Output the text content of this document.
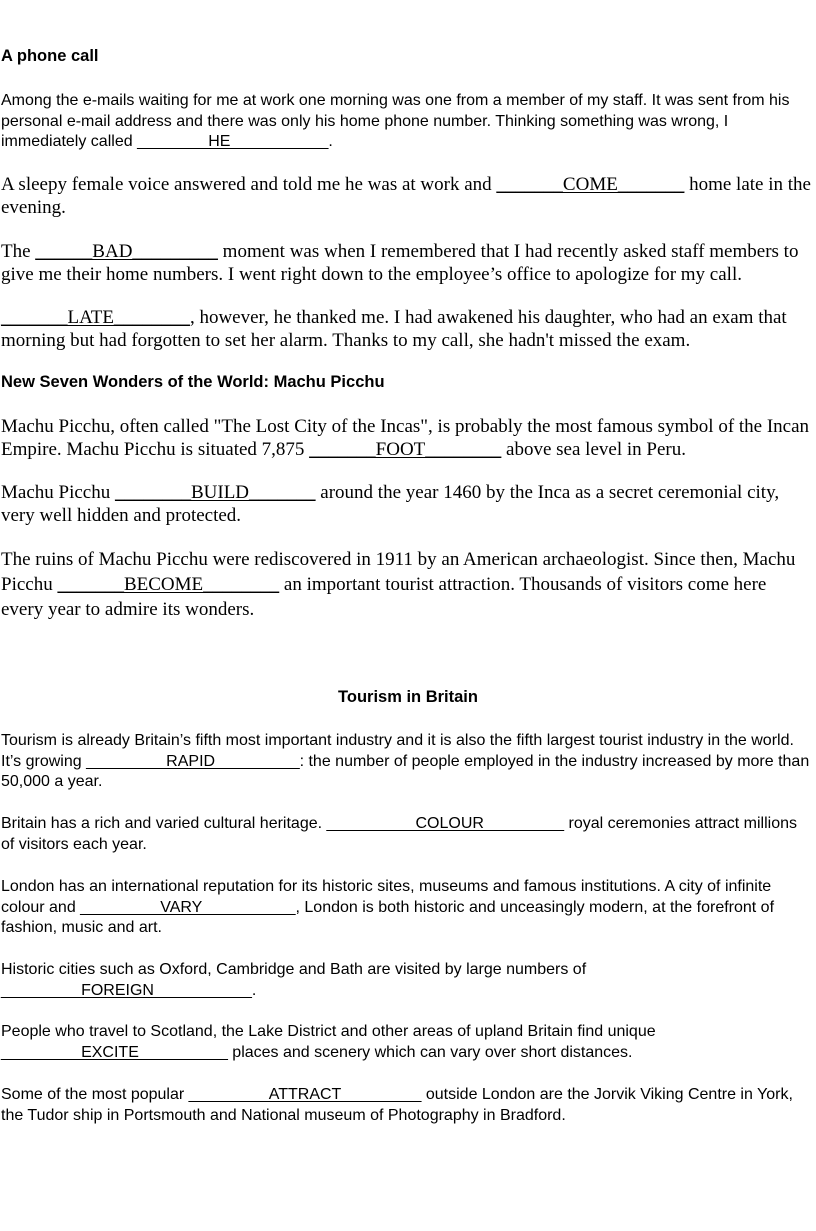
A phone call

Among the e-mails waiting for me at work one morning was one from a member of my staff. It was sent from his personal e-mail address and there was only his home phone number. Thinking something was wrong, I immediately called ________HE___________.

A sleepy female voice answered and told me he was at work and _______COME_______ home late in the evening.

The ______BAD_________ moment was when I remembered that I had recently asked staff members to give me their home numbers. I went right down to the employee’s office to apologize for my call.

_______LATE________, however, he thanked me. I had awakened his daughter, who had an exam that morning but had forgotten to set her alarm. Thanks to my call, she hadn't missed the exam.

New Seven Wonders of the World: Machu Picchu

Machu Picchu, often called "The Lost City of the Incas", is probably the most famous symbol of the Incan Empire. Machu Picchu is situated 7,875 _______FOOT________ above sea level in Peru.

Machu Picchu ________BUILD_______ around the year 1460 by the Inca as a secret ceremonial city, very well hidden and protected.

The ruins of Machu Picchu were rediscovered in 1911 by an American archaeologist. Since then, Machu Picchu _______BECOME________ an important tourist attraction. Thousands of visitors come here every year to admire its wonders.

Tourism in Britain

Tourism is already Britain’s fifth most important industry and it is also the fifth largest tourist industry in the world. It’s growing _________RAPID _________: the number of people employed in the industry increased by more than 50,000 a year.

Britain has a rich and varied cultural heritage. __________COLOUR_________ royal ceremonies attract millions of visitors each year.

London has an international reputation for its historic sites, museums and famous institutions. A city of infinite colour and _________VARY __________, London is both historic and unceasingly modern, at the forefront of fashion, music and art.

Historic cities such as Oxford, Cambridge and Bath are visited by large numbers of _________FOREIGN___________.

People who travel to Scotland, the Lake District and other areas of upland Britain find unique _________EXCITE__________ places and scenery which can vary over short distances.

Some of the most popular _________ATTRACT_________ outside London are the Jorvik Viking Centre in York, the Tudor ship in Portsmouth and National museum of Photography in Bradford.
